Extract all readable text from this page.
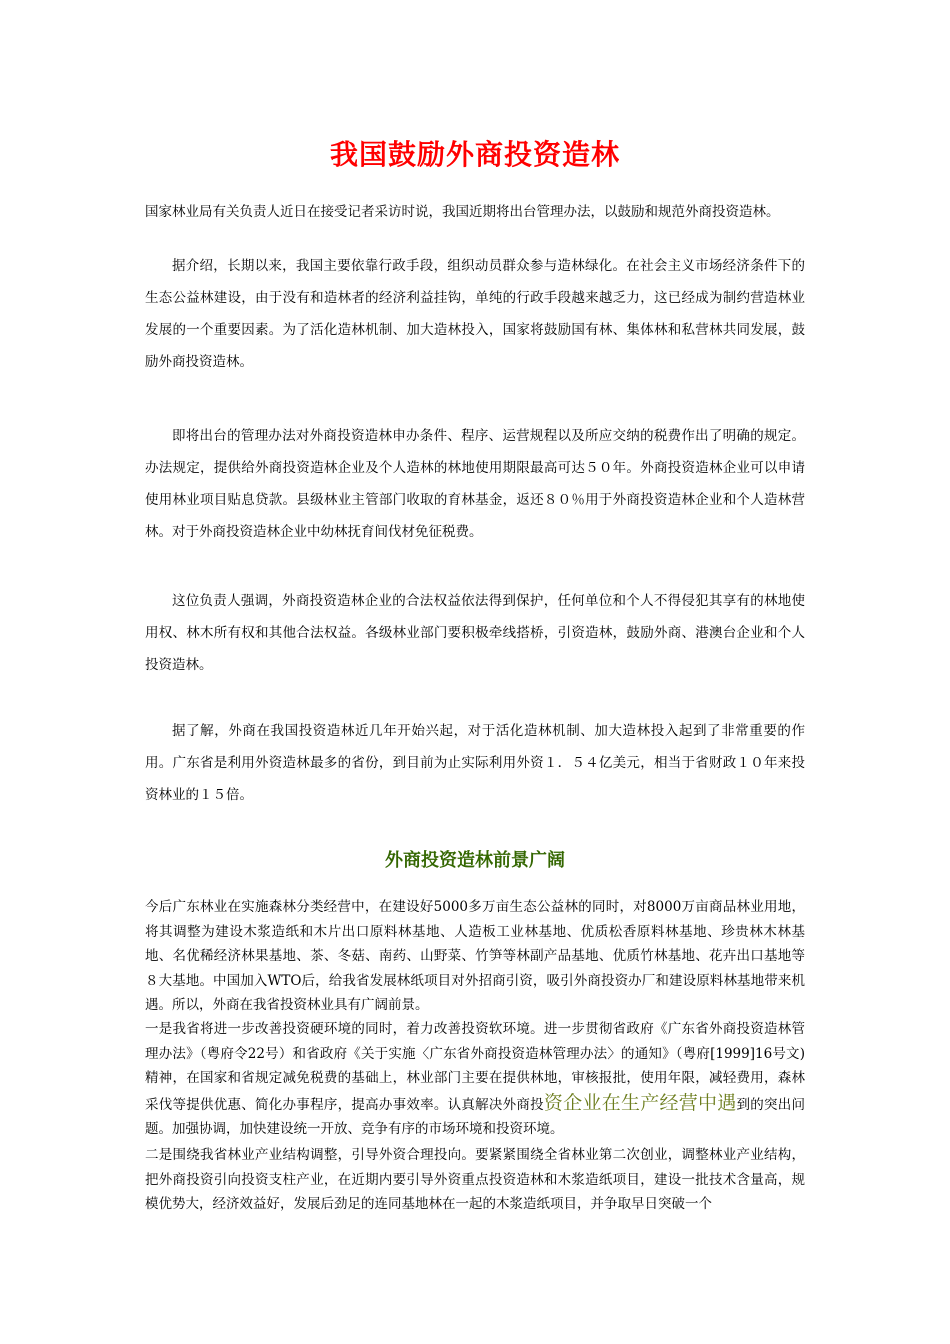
我国鼓励外商投资造林
国家林业局有关负责人近日在接受记者采访时说，我国近期将出台管理办法，以鼓励和规范外商投资造林。
据介绍，长期以来，我国主要依靠行政手段，组织动员群众参与造林绿化。在社会主义市场经济条件下的生态公益林建设，由于没有和造林者的经济利益挂钩，单纯的行政手段越来越乏力，这已经成为制约营造林业发展的一个重要因素。为了活化造林机制、加大造林投入，国家将鼓励国有林、集体林和私营林共同发展，鼓励外商投资造林。
即将出台的管理办法对外商投资造林申办条件、程序、运营规程以及所应交纳的税费作出了明确的规定。办法规定，提供给外商投资造林企业及个人造林的林地使用期限最高可达５０年。外商投资造林企业可以申请使用林业项目贴息贷款。县级林业主管部门收取的育林基金，返还８０％用于外商投资造林企业和个人造林营林。对于外商投资造林企业中幼林抚育间伐材免征税费。
这位负责人强调，外商投资造林企业的合法权益依法得到保护，任何单位和个人不得侵犯其享有的林地使用权、林木所有权和其他合法权益。各级林业部门要积极牵线搭桥，引资造林，鼓励外商、港澳台企业和个人投资造林。
据了解，外商在我国投资造林近几年开始兴起，对于活化造林机制、加大造林投入起到了非常重要的作用。广东省是利用外资造林最多的省份，到目前为止实际利用外资１．５４亿美元，相当于省财政１０年来投资林业的１５倍。
外商投资造林前景广阔
今后广东林业在实施森林分类经营中，在建设好5000多万亩生态公益林的同时，对8000万亩商品林业用地，将其调整为建设木浆造纸和木片出口原料林基地、人造板工业林基地、优质松香原料林基地、珍贵林木林基地、名优稀经济林果基地、茶、冬菇、南药、山野菜、竹笋等林副产品基地、优质竹林基地、花卉出口基地等８大基地。中国加入WTO后，给我省发展林纸项目对外招商引资，吸引外商投资办厂和建设原料林基地带来机遇。所以，外商在我省投资林业具有广阔前景。
一是我省将进一步改善投资硬环境的同时，着力改善投资软环境。进一步贯彻省政府《广东省外商投资造林管理办法》（粤府令22号）和省政府《关于实施〈广东省外商投资造林管理办法〉的通知》（粤府[1999]16号文)精神，在国家和省规定减免税费的基础上，林业部门主要在提供林地，审核报批，使用年限，减轻费用，森林采伐等提供优惠、简化办事程序，提高办事效率。认真解决外商投资企业在生产经营中遇到的突出问题。加强协调，加快建设统一开放、竞争有序的市场环境和投资环境。
二是围绕我省林业产业结构调整，引导外资合理投向。要紧紧围绕全省林业第二次创业，调整林业产业结构，把外商投资引向投资支柱产业，在近期内要引导外资重点投资造林和木浆造纸项目，建设一批技术含量高，规模优势大，经济效益好，发展后劲足的连同基地林在一起的木浆造纸项目，并争取早日突破一个
